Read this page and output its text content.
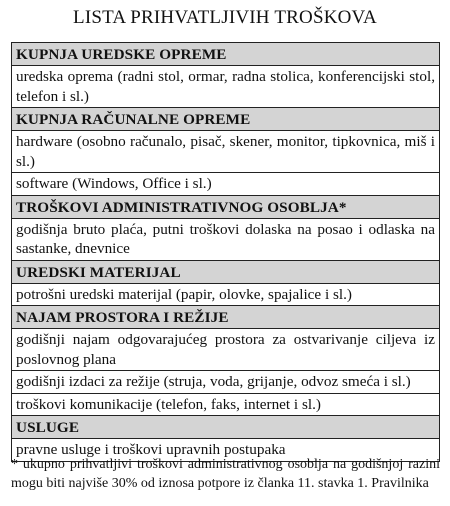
LISTA PRIHVATLJIVIH TROŠKOVA
KUPNJA UREDSKE OPREME
uredska oprema (radni stol, ormar, radna stolica, konferencijski stol, telefon i sl.)
KUPNJA RAČUNALNE OPREME
hardware (osobno računalo, pisač, skener, monitor, tipkovnica, miš i sl.)
software (Windows, Office i sl.)
TROŠKOVI ADMINISTRATIVNOG OSOBLJA*
godišnja bruto plaća, putni troškovi dolaska na posao i odlaska na sastanke, dnevnice
UREDSKI MATERIJAL
potrošni uredski materijal (papir, olovke, spajalice i sl.)
NAJAM PROSTORA I REŽIJE
godišnji najam odgovarajućeg prostora za ostvarivanje ciljeva iz poslovnog plana
godišnji izdaci za režije (struja, voda, grijanje, odvoz smeća i sl.)
troškovi komunikacije (telefon, faks, internet i sl.)
USLUGE
pravne usluge i troškovi upravnih postupaka
* ukupno prihvatljivi troškovi administrativnog osoblja na godišnjoj razini mogu biti najviše 30% od iznosa potpore iz članka 11. stavka 1. Pravilnika
